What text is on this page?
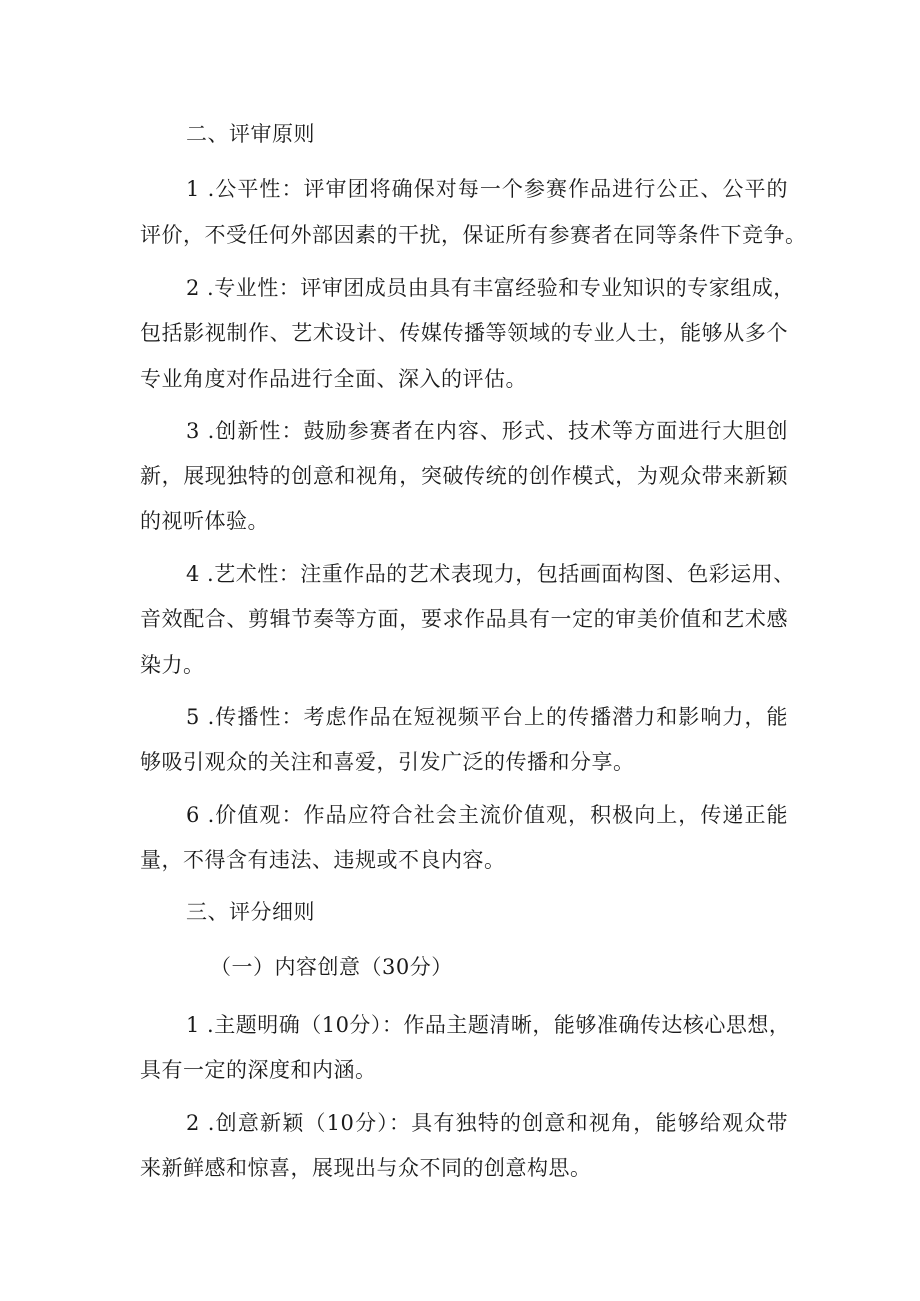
二、评审原则
1 .公平性：评审团将确保对每一个参赛作品进行公正、公平的
评价，不受任何外部因素的干扰，保证所有参赛者在同等条件下竞争。
2 .专业性：评审团成员由具有丰富经验和专业知识的专家组成，
包括影视制作、艺术设计、传媒传播等领域的专业人士，能够从多个
专业角度对作品进行全面、深入的评估。
3 .创新性：鼓励参赛者在内容、形式、技术等方面进行大胆创
新，展现独特的创意和视角，突破传统的创作模式，为观众带来新颖
的视听体验。
4 .艺术性：注重作品的艺术表现力，包括画面构图、色彩运用、
音效配合、剪辑节奏等方面，要求作品具有一定的审美价值和艺术感
染力。
5 .传播性：考虑作品在短视频平台上的传播潜力和影响力，能
够吸引观众的关注和喜爱，引发广泛的传播和分享。
6 .价值观：作品应符合社会主流价值观，积极向上，传递正能
量，不得含有违法、违规或不良内容。
三、评分细则
（一）内容创意（30分）
1 .主题明确（10分）：作品主题清晰，能够准确传达核心思想，
具有一定的深度和内涵。
2 .创意新颖（10分）：具有独特的创意和视角，能够给观众带
来新鲜感和惊喜，展现出与众不同的创意构思。
